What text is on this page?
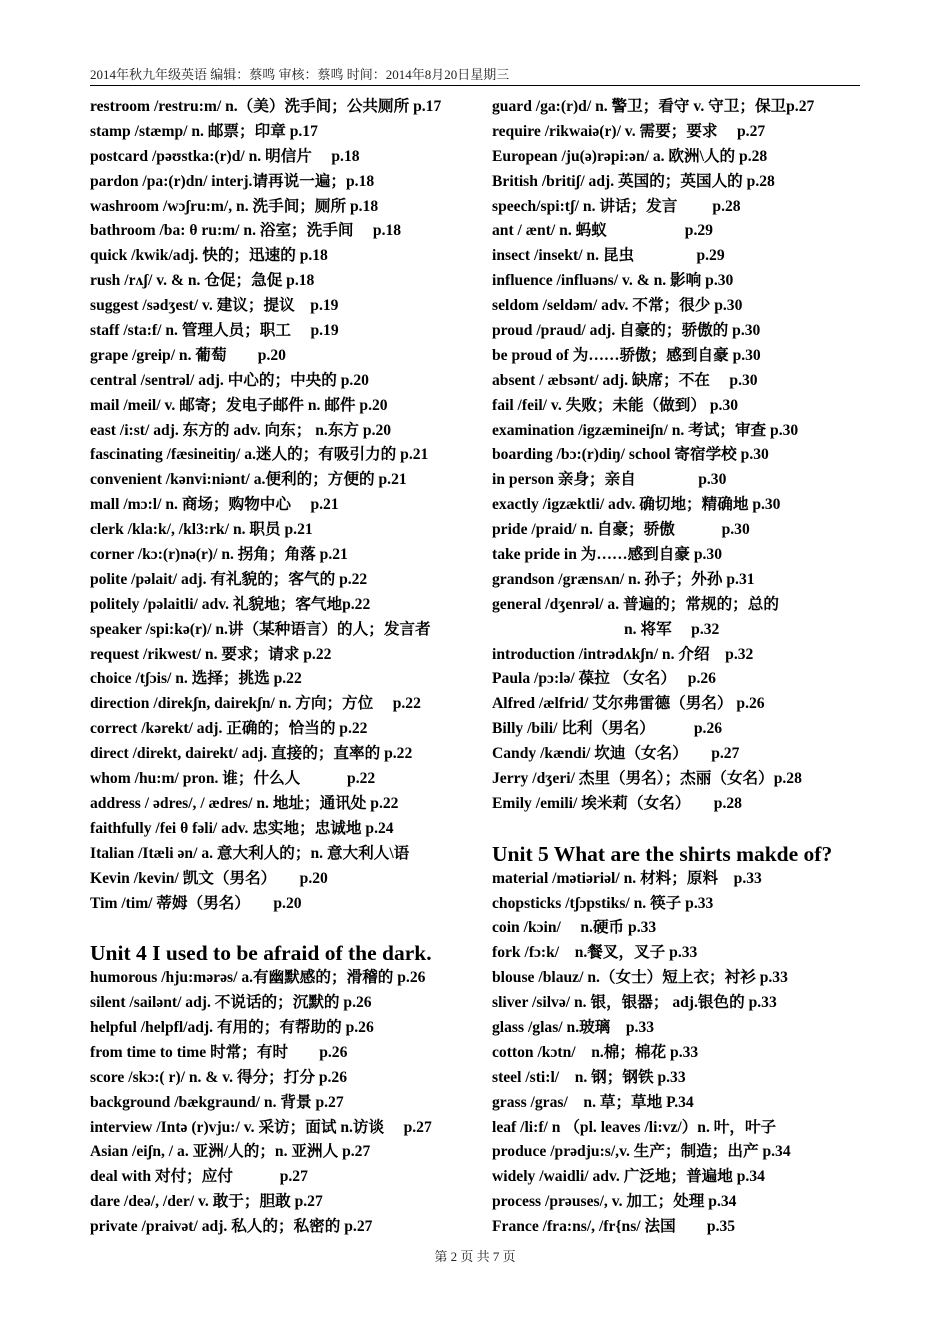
2014年秋九年级英语 编辑：蔡鸣 审核：蔡鸣 时间：2014年8月20日星期三
restroom /restru:m/ n.（美）洗手间；公共厕所 p.17
stamp /stæmp/ n. 邮票；印章 p.17
postcard /pəʊstka:(r)d/ n. 明信片　 p.18
pardon /pa:(r)dn/ interj.请再说一遍；p.18
washroom /wɔʃru:m/, n. 洗手间；厕所 p.18
bathroom /ba: θ ru:m/ n. 浴室；洗手间　 p.18
quick /kwik/adj. 快的；迅速的 p.18
rush /rʌʃ/ v. & n. 仓促；急促 p.18
suggest /sədʒest/ v. 建议；提议　p.19
staff /sta:f/ n. 管理人员；职工　 p.19
grape /greip/ n. 葡萄　　p.20
central /sentrəl/ adj. 中心的；中央的 p.20
mail /meil/ v. 邮寄；发电子邮件 n. 邮件 p.20
east /i:st/ adj. 东方的 adv. 向东； n.东方 p.20
fascinating /fæsineitiŋ/ a.迷人的；有吸引力的 p.21
convenient /kənvi:niənt/ a.便利的；方便的 p.21
mall /mɔ:l/ n. 商场；购物中心　 p.21
clerk /kla:k/, /kl3:rk/ n. 职员 p.21
corner /kɔ:(r)nə(r)/ n. 拐角；角落 p.21
polite /pəlait/ adj. 有礼貌的；客气的 p.22
politely /pəlaitli/ adv. 礼貌地；客气地p.22
speaker /spi:kə(r)/ n.讲（某种语言）的人；发言者
request /rikwest/ n. 要求；请求 p.22
choice /tʃɔis/ n. 选择；挑选 p.22
direction /direkʃn, dairekʃn/ n. 方向；方位　 p.22
correct /kərekt/ adj. 正确的；恰当的 p.22
direct /direkt, dairekt/ adj. 直接的；直率的 p.22
whom /hu:m/ pron. 谁；什么人　　　p.22
address / ədres/, / ædres/ n. 地址；通讯处 p.22
faithfully /fei θ fəli/ adv. 忠实地；忠诚地 p.24
Italian /Itæli ən/ a. 意大利人的；n. 意大利人\语
Kevin /kevin/ 凯文（男名）　　p.20
Tim /tim/ 蒂姆（男名）　　p.20
Unit 4 I used to be afraid of the dark.
humorous /hju:mərəs/ a.有幽默感的；滑稽的 p.26
silent /sailənt/ adj. 不说话的；沉默的 p.26
helpful /helpfl/adj. 有用的；有帮助的 p.26
from time to time 时常；有时　　p.26
score /skɔ:( r)/ n. & v. 得分；打分 p.26
background /bækgraund/ n. 背景 p.27
interview /Intə (r)vju:/ v. 采访；面试 n.访谈　 p.27
Asian /eiʃn, / a. 亚洲/人的；n. 亚洲人 p.27
deal with 对付；应付　　　p.27
dare /deə/, /der/ v. 敢于；胆敢 p.27
private /praivət/ adj. 私人的；私密的 p.27
guard /ga:(r)d/ n. 警卫；看守 v. 守卫；保卫p.27
require /rikwaiə(r)/ v. 需要；要求　 p.27
European /ju(ə)rəpi:ən/ a. 欧洲\人的 p.28
British /britiʃ/ adj. 英国的；英国人的 p.28
speech/spi:tʃ/ n. 讲话；发言　　 p.28
ant / ænt/ n. 蚂蚁　　　　　p.29
insect /insekt/ n. 昆虫　　　　p.29
influence /influəns/ v. & n. 影响 p.30
seldom /seldəm/ adv. 不常；很少 p.30
proud /praud/ adj. 自豪的；骄傲的 p.30
be proud of 为……骄傲；感到自豪 p.30
absent / æbsənt/ adj. 缺席；不在　 p.30
fail /feil/ v. 失败；未能（做到） p.30
examination /igzæmineiʃn/ n. 考试；审查 p.30
boarding /bɔ:(r)diŋ/ school 寄宿学校 p.30
in person 亲身；亲自　　　　p.30
exactly /igzæktli/ adv. 确切地；精确地 p.30
pride /praid/ n. 自豪；骄傲　　　p.30
take pride in 为……感到自豪 p.30
grandson /grænsʌn/ n. 孙子；外孙 p.31
general /dʒenrəl/ a. 普遍的；常规的；总的
n. 将军　 p.32
introduction /intrədʌkʃn/ n. 介绍　p.32
Paula /pɔ:lə/ 葆拉 （女名）　 p.26
Alfred /ælfrid/ 艾尔弗雷德（男名） p.26
Billy /bili/ 比利（男名）　　　p.26
Candy /kændi/ 坎迪（女名）　　p.27
Jerry /dʒeri/ 杰里（男名）；杰丽（女名）p.28
Emily /emili/ 埃米莉（女名）　　p.28
Unit 5 What are the shirts makde of?
material /mətiəriəl/ n. 材料；原料　p.33
chopsticks /tʃɔpstiks/ n. 筷子 p.33
coin /kɔin/　 n.硬币 p.33
fork /fɔ:k/　n.餐叉，叉子 p.33
blouse /blauz/ n.（女士）短上衣；衬衫 p.33
sliver /silvə/ n. 银，银器； adj.银色的 p.33
glass /glas/ n.玻璃　p.33
cotton /kɔtn/　n.棉；棉花 p.33
steel /sti:l/　n. 钢；钢铁 p.33
grass /gras/　n. 草；草地 P.34
leaf /li:f/ n （pl. leaves /li:vz/）n. 叶，叶子
produce /prədju:s/,v. 生产；制造；出产 p.34
widely /waidli/ adv. 广泛地；普遍地 p.34
process /prəuses/, v. 加工；处理 p.34
France /fra:ns/, /fr{ns/ 法国　　p.35
第 2 页 共 7 页
